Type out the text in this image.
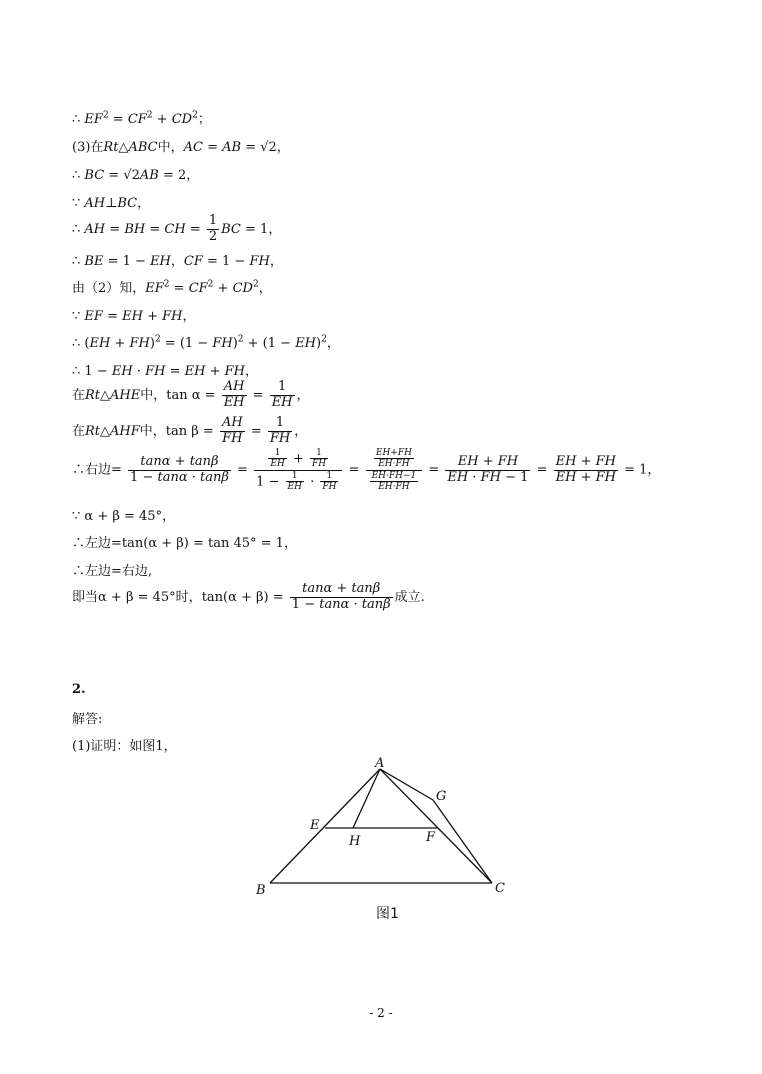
∴ $EF^2 = CF^2 + CD^2$；
(3)在Rt△ABC中，AC = AB = √2，
∴ BC = √2AB = 2，
∵ AH⊥BC，
∴ AH = BH = CH = $\frac{1}{2}$ BC = 1，
∴ BE = 1 − EH，CF = 1 − FH，
由（2）知，$EF^2 = CF^2 + CD^2$，
∵ EF = EH + FH，
∴ (EH + FH)$^2$ = (1 − FH)$^2$ + (1 − EH)$^2$，
∴ 1 − EH · FH = EH + FH，
在Rt△AHE中，$\tan \alpha = \frac{AH}{EH} = \frac{1}{EH}$ ，
在Rt△AHF中，$\tan \beta = \frac{AH}{FH} = \frac{1}{FH}$ ，
∴右边= $\frac{\tan\alpha + \tan\beta}{1 - \tan\alpha \cdot \tan\beta} = \frac{\frac{1}{EH} + \frac{1}{FH}}{1 - \frac{1}{EH} \cdot \frac{1}{FH}} = \frac{\frac{EH+FH}{EH\cdot FH}}{\frac{EH\cdot FH-1}{EH\cdot FH}} = \frac{EH + FH}{EH \cdot FH - 1} = \frac{EH + FH}{EH + FH} = 1$，
∵ α + β = 45°，
∴左边=tan(α + β) = tan 45° = 1，
∴左边=右边,
即当α + β = 45°时，$\tan(\alpha + \beta) = \frac{\tan\alpha + \tan\beta}{1 - \tan\alpha \cdot \tan\beta}$ 成立.
2.
解答:
(1)证明：如图1，
A
B	C
E
F
G
H
图1
- 2 -
